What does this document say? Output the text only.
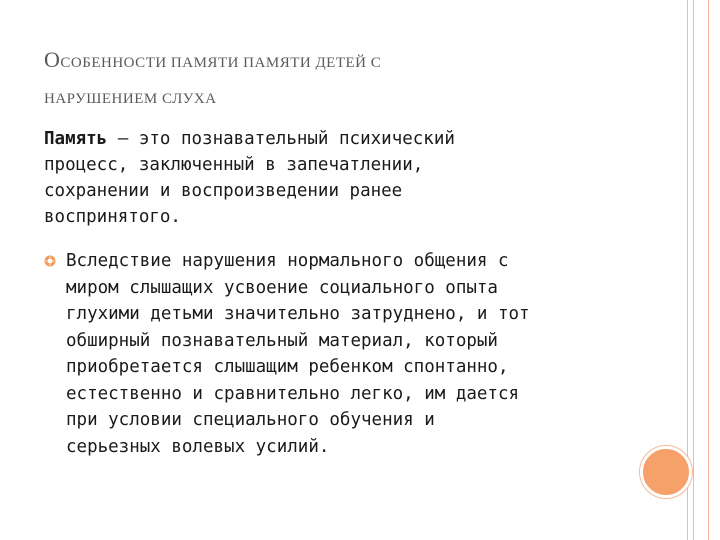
ОСОБЕННОСТИ ПАМЯТИ ПАМЯТИ ДЕТЕЙ С
НАРУШЕНИЕМ СЛУХА
Память – это познавательный психический
процесс, заключенный в запечатлении,
сохранении и воспроизведении ранее
воспринятого.
Вследствие нарушения нормального общения с
миром слышащих усвоение социального опыта
глухими детьми значительно затруднено, и тот
обширный познавательный материал, который
приобретается слышащим ребенком спонтанно,
естественно и сравнительно легко, им дается
при условии специального обучения и
серьезных волевых усилий.
